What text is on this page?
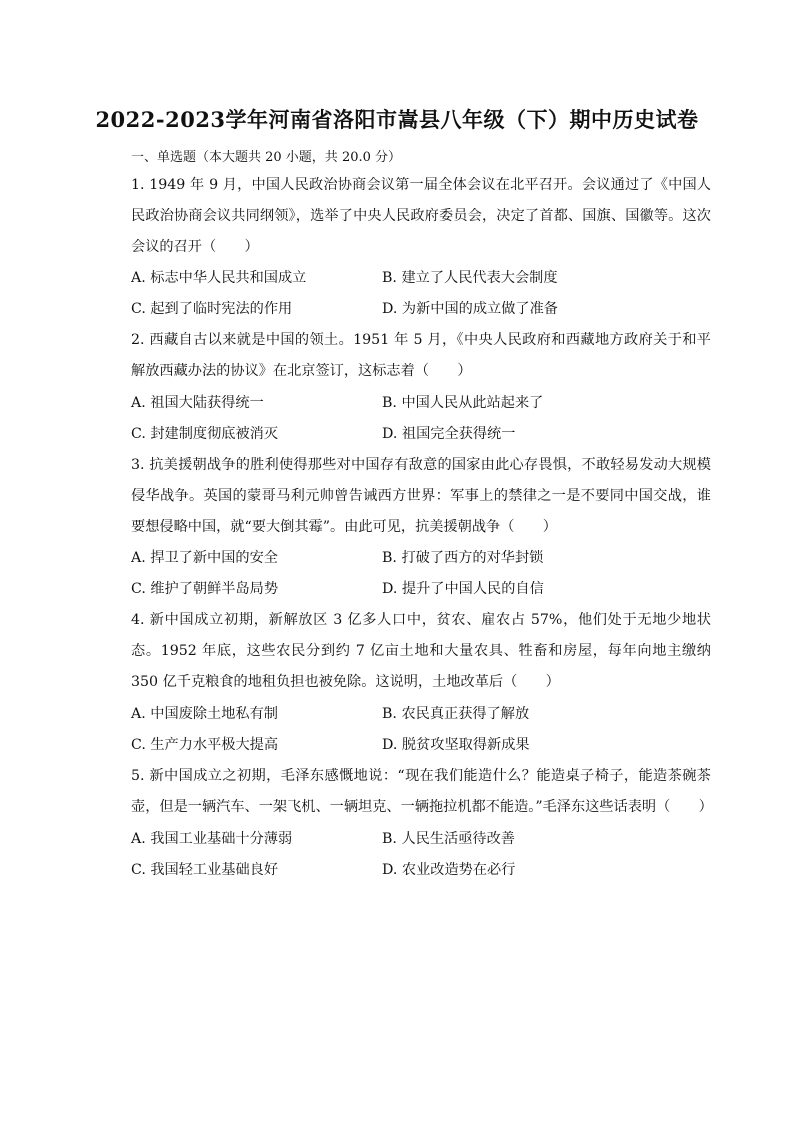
2022-2023学年河南省洛阳市嵩县八年级（下）期中历史试卷
一、单选题（本大题共 20 小题，共 20.0 分）
1. 1949 年 9 月，中国人民政治协商会议第一届全体会议在北平召开。会议通过了《中国人民政治协商会议共同纲领》，选举了中央人民政府委员会，决定了首都、国旗、国徽等。这次会议的召开（　　）
A. 标志中华人民共和国成立	B. 建立了人民代表大会制度
C. 起到了临时宪法的作用	D. 为新中国的成立做了准备
2. 西藏自古以来就是中国的领土。1951 年 5 月，《中央人民政府和西藏地方政府关于和平解放西藏办法的协议》在北京签订，这标志着（　　）
A. 祖国大陆获得统一	B. 中国人民从此站起来了
C. 封建制度彻底被消灭	D. 祖国完全获得统一
3. 抗美援朝战争的胜利使得那些对中国存有敌意的国家由此心存畏惧，不敢轻易发动大规模侵华战争。英国的蒙哥马利元帅曾告诫西方世界：军事上的禁律之一是不要同中国交战，谁要想侵略中国，就“要大倒其霉”。由此可见，抗美援朝战争（　　）
A. 捍卫了新中国的安全	B. 打破了西方的对华封锁
C. 维护了朝鲜半岛局势	D. 提升了中国人民的自信
4. 新中国成立初期，新解放区 3 亿多人口中，贫农、雇农占 57%，他们处于无地少地状态。1952 年底，这些农民分到约 7 亿亩土地和大量农具、牲畜和房屋，每年向地主缴纳 350 亿千克粮食的地租负担也被免除。这说明，土地改革后（　　）
A. 中国废除土地私有制	B. 农民真正获得了解放
C. 生产力水平极大提高	D. 脱贫攻坚取得新成果
5. 新中国成立之初期，毛泽东感慨地说：“现在我们能造什么？能造桌子椅子，能造茶碗茶壶，但是一辆汽车、一架飞机、一辆坦克、一辆拖拉机都不能造。”毛泽东这些话表明（　　）
A. 我国工业基础十分薄弱	B. 人民生活亟待改善
C. 我国轻工业基础良好	D. 农业改造势在必行
